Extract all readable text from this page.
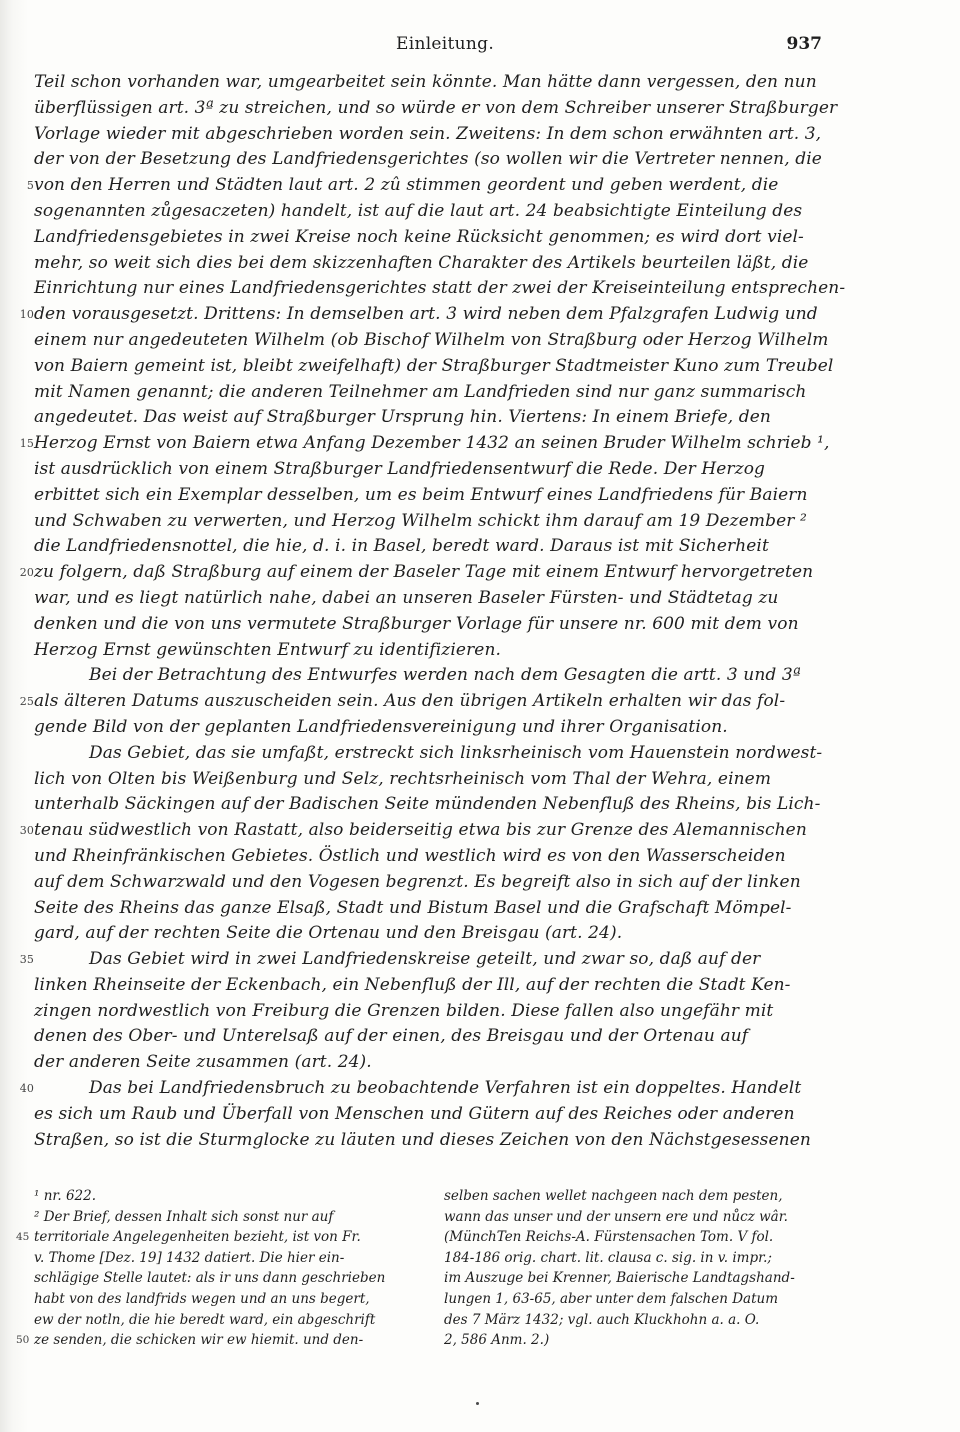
Einleitung.	937
Teil schon vorhanden war, umgearbeitet sein könnte. Man hätte dann vergessen, den nun
überflüssigen art. 3ª zu streichen, und so würde er von dem Schreiber unserer Straßburger
Vorlage wieder mit abgeschrieben worden sein. Zweitens: In dem schon erwähnten art. 3,
der von der Besetzung des Landfriedensgerichtes (so wollen wir die Vertreter nennen, die
5 von den Herren und Städten laut art. 2 zû stimmen geordent und geben werdent, die
sogenannten zůgesaczeten) handelt, ist auf die laut art. 24 beabsichtigte Einteilung des
Landfriedensgebietes in zwei Kreise noch keine Rücksicht genommen; es wird dort viel-
mehr, so weit sich dies bei dem skizzenhaften Charakter des Artikels beurteilen läßt, die
Einrichtung nur eines Landfriedensgerichtes statt der zwei der Kreiseinteilung entsprechen-
10 den vorausgesetzt. Drittens: In demselben art. 3 wird neben dem Pfalzgrafen Ludwig und
einem nur angedeuteten Wilhelm (ob Bischof Wilhelm von Straßburg oder Herzog Wilhelm
von Baiern gemeint ist, bleibt zweifelhaft) der Straßburger Stadtmeister Kuno zum Treubel
mit Namen genannt; die anderen Teilnehmer am Landfrieden sind nur ganz summarisch
angedeutet. Das weist auf Straßburger Ursprung hin. Viertens: In einem Briefe, den
15 Herzog Ernst von Baiern etwa Anfang Dezember 1432 an seinen Bruder Wilhelm schrieb ¹,
ist ausdrücklich von einem Straßburger Landfriedensentwurf die Rede. Der Herzog
erbittet sich ein Exemplar desselben, um es beim Entwurf eines Landfriedens für Baiern
und Schwaben zu verwerten, und Herzog Wilhelm schickt ihm darauf am 19 Dezember ²
die Landfriedensnottel, die hie, d. i. in Basel, beredt ward. Daraus ist mit Sicherheit
20 zu folgern, daß Straßburg auf einem der Baseler Tage mit einem Entwurf hervorgetreten
war, und es liegt natürlich nahe, dabei an unseren Baseler Fürsten- und Städtetag zu
denken und die von uns vermutete Straßburger Vorlage für unsere nr. 600 mit dem von
Herzog Ernst gewünschten Entwurf zu identifizieren.
Bei der Betrachtung des Entwurfes werden nach dem Gesagten die artt. 3 und 3ª
25 als älteren Datums auszuscheiden sein. Aus den übrigen Artikeln erhalten wir das fol-
gende Bild von der geplanten Landfriedensvereinigung und ihrer Organisation.
Das Gebiet, das sie umfaßt, erstreckt sich linksrheinisch vom Hauenstein nordwest-
lich von Olten bis Weißenburg und Selz, rechtsrheinisch vom Thal der Wehra, einem
unterhalb Säckingen auf der Badischen Seite mündenden Nebenfluß des Rheins, bis Lich-
30 tenau südwestlich von Rastatt, also beiderseitig etwa bis zur Grenze des Alemannischen
und Rheinfränkischen Gebietes. Östlich und westlich wird es von den Wasserscheiden
auf dem Schwarzwald und den Vogesen begrenzt. Es begreift also in sich auf der linken
Seite des Rheins das ganze Elsaß, Stadt und Bistum Basel und die Grafschaft Mömpel-
gard, auf der rechten Seite die Ortenau und den Breisgau (art. 24).
35	Das Gebiet wird in zwei Landfriedenskreise geteilt, und zwar so, daß auf der
linken Rheinseite der Eckenbach, ein Nebenfluß der Ill, auf der rechten die Stadt Ken-
zingen nordwestlich von Freiburg die Grenzen bilden. Diese fallen also ungefähr mit
denen des Ober- und Unterelsaß auf der einen, des Breisgau und der Ortenau auf
der anderen Seite zusammen (art. 24).
40	Das bei Landfriedensbruch zu beobachtende Verfahren ist ein doppeltes. Handelt
es sich um Raub und Überfall von Menschen und Gütern auf des Reiches oder anderen
Straßen, so ist die Sturmglocke zu läuten und dieses Zeichen von den Nächstgesessenen
¹ nr. 622.
² Der Brief, dessen Inhalt sich sonst nur auf
45 territoriale Angelegenheiten bezieht, ist von Fr.
v. Thome [Dez. 19] 1432 datiert. Die hier ein-
schlägige Stelle lautet: als ir uns dann geschrieben
habt von des landfrids wegen und an uns begert,
ew der notln, die hie beredt ward, ein abgeschrift
50 ze senden, die schicken wir ew hiemit. und den-
selben sachen wellet nachgeen nach dem pesten,
wann das unser und der unsern ere und nůcz wâr.
(MünchTen Reichs-A. Fürstensachen Tom. V fol.
184-186 orig. chart. lit. clausa c. sig. in v. impr.;
im Auszuge bei Krenner, Baierische Landtagshand-
lungen 1, 63-65, aber unter dem falschen Datum
des 7 März 1432; vgl. auch Kluckhohn a. a. O.
2, 586 Anm. 2.)
